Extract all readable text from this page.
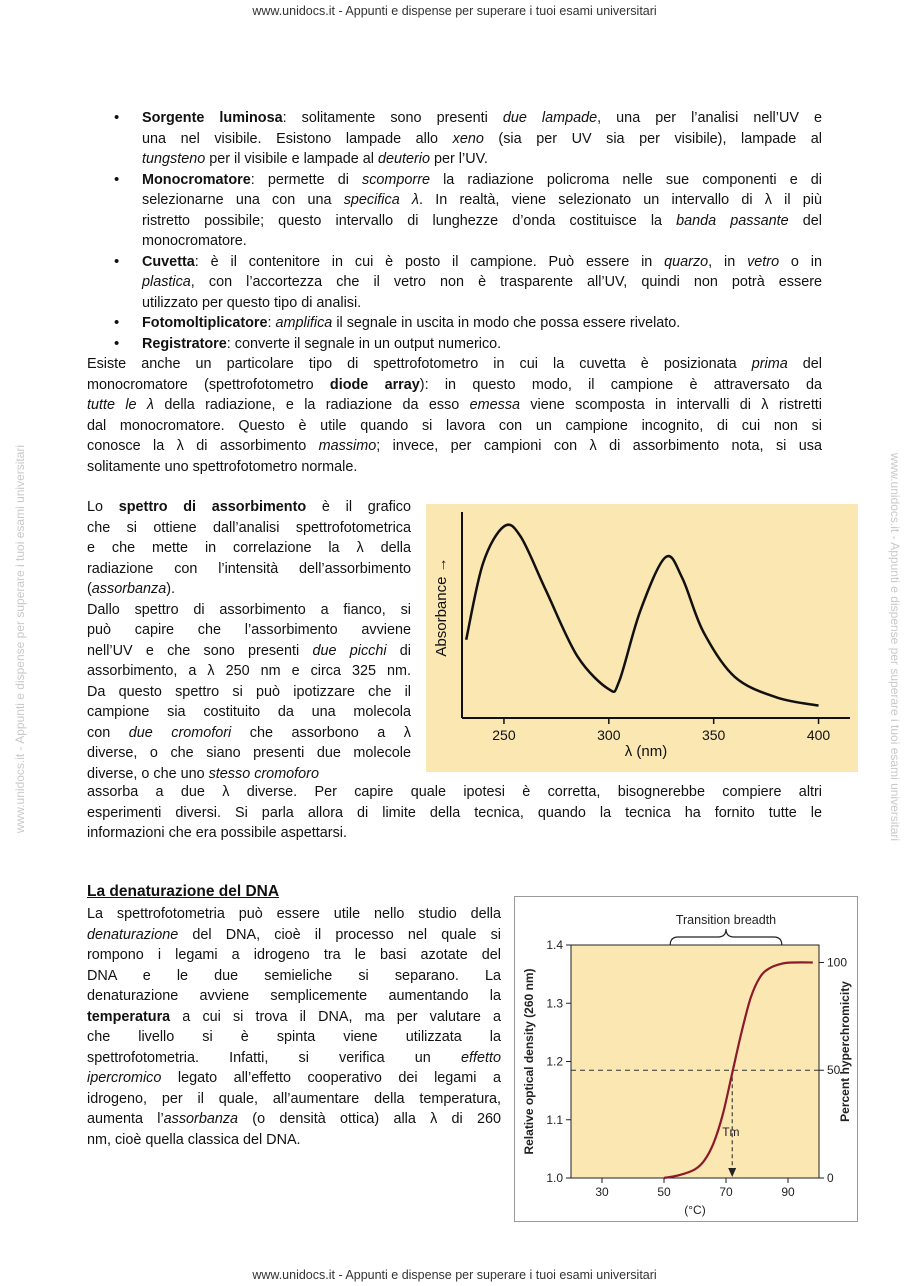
www.unidocs.it - Appunti e dispense per superare i tuoi esami universitari
www.unidocs.it - Appunti e dispense per superare i tuoi esami universitari	www.unidocs.it - Appunti e dispense per superare i tuoi esami universitari
• Sorgente luminosa: solitamente sono presenti due lampade, una per l’analisi nell’UV e
una nel visibile. Esistono lampade allo xeno (sia per UV sia per visibile), lampade al
tungsteno per il visibile e lampade al deuterio per l’UV.
• Monocromatore: permette di scomporre la radiazione policroma nelle sue componenti e di
selezionarne una con una specifica λ. In realtà, viene selezionato un intervallo di λ il più
ristretto possibile; questo intervallo di lunghezze d’onda costituisce la banda passante del
monocromatore.
• Cuvetta: è il contenitore in cui è posto il campione. Può essere in quarzo, in vetro o in
plastica, con l’accortezza che il vetro non è trasparente all’UV, quindi non potrà essere
utilizzato per questo tipo di analisi.
• Fotomoltiplicatore: amplifica il segnale in uscita in modo che possa essere rivelato.
• Registratore: converte il segnale in un output numerico.
Esiste anche un particolare tipo di spettrofotometro in cui la cuvetta è posizionata prima del
monocromatore (spettrofotometro diode array): in questo modo, il campione è attraversato da
tutte le λ della radiazione, e la radiazione da esso emessa viene scomposta in intervalli di λ ristretti
dal monocromatore. Questo è utile quando si lavora con un campione incognito, di cui non si
conosce la λ di assorbimento massimo; invece, per campioni con λ di assorbimento nota, si usa
solitamente uno spettrofotometro normale.
Lo spettro di assorbimento è il grafico
che si ottiene dall’analisi spettrofotometrica
e che mette in correlazione la λ della
radiazione con l’intensità dell’assorbimento
(assorbanza).
Dallo spettro di assorbimento a fianco, si
può capire che l’assorbimento avviene
nell’UV e che sono presenti due picchi di
assorbimento, a λ 250 nm e circa 325 nm.
Da questo spettro si può ipotizzare che il
campione sia costituito da una molecola
con due cromofori che assorbono a λ
diverse, o che siano presenti due molecole
diverse, o che uno stesso cromoforo
250	300	350	400
λ (nm)
Absorbance →
assorba a due λ diverse. Per capire quale ipotesi è corretta, bisognerebbe compiere altri
esperimenti diversi. Si parla allora di limite della tecnica, quando la tecnica ha fornito tutte le
informazioni che era possibile aspettarsi.
La denaturazione del DNA
La spettrofotometria può essere utile nello studio della
denaturazione del DNA, cioè il processo nel quale si
rompono i legami a idrogeno tra le basi azotate del
DNA e le due semieliche si separano. La
denaturazione avviene semplicemente aumentando la
temperatura a cui si trova il DNA, ma per valutare a
che livello si è spinta viene utilizzata la
spettrofotometria. Infatti, si verifica un effetto
ipercromico legato all’effetto cooperativo dei legami a
idrogeno, per il quale, all’aumentare della temperatura,
aumenta l’assorbanza (o densità ottica) alla λ di 260
nm, cioè quella classica del DNA.
30	50	70	90
1.0
1.1
1.2
1.3
1.4
0
50
100
(°C)
Relative optical density (260 nm)	Percent hyperchromicity
Tm
Transition breadth
www.unidocs.it - Appunti e dispense per superare i tuoi esami universitari
